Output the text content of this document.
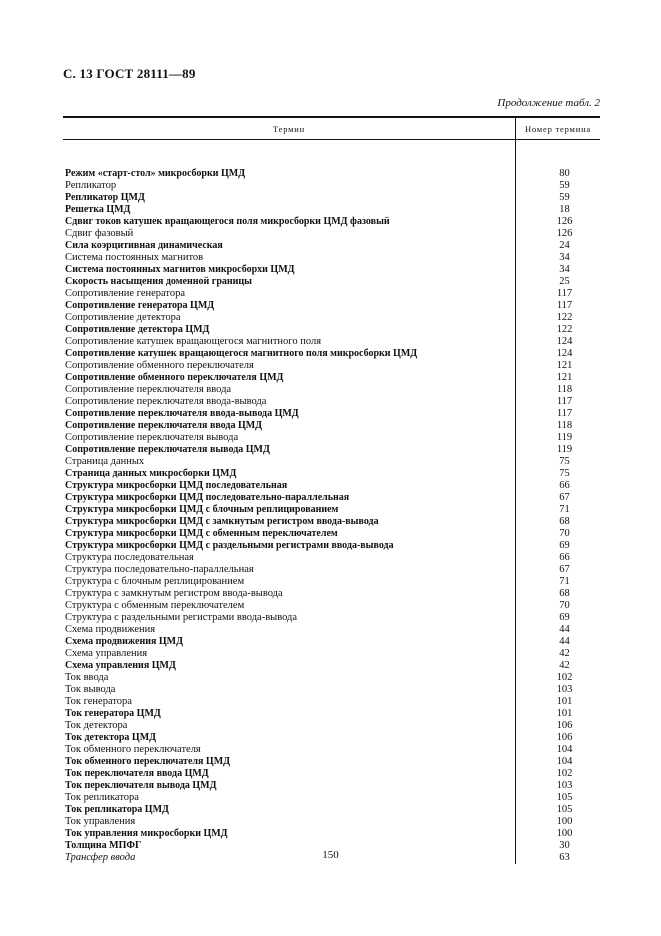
С. 13 ГОСТ 28111—89
Продолжение табл. 2
Термин	Номер термина
Режим «старт-стол» микросборки ЦМД	80
Репликатор	59
Репликатор ЦМД	59
Решетка ЦМД	18
Сдвиг токов катушек вращающегося поля микросборки ЦМД фазовый	126
Сдвиг фазовый	126
Сила коэрцитивная динамическая	24
Система постоянных магнитов	34
Система постоянных магнитов микросборхи ЦМД	34
Скорость насыщения доменной границы	25
Сопротивление генератора	117
Сопротивление генератора ЦМД	117
Сопротивление детектора	122
Сопротивление детектора ЦМД	122
Сопротивление катушек вращающегося магнитного поля	124
Сопротивление катушек вращающегося магнитного поля микросборки ЦМД	124
Сопротивление обменного переключателя	121
Сопротивление обменного переключателя ЦМД	121
Сопротивление переключателя ввода	118
Сопротивление переключателя ввода-вывода	117
Сопротивление переключателя ввода-вывода ЦМД	117
Сопротивление переключателя ввода ЦМД	118
Сопротивление переключателя вывода	119
Сопротивление переключателя вывода ЦМД	119
Страница данных	75
Страница данных микросборки ЦМД	75
Структура микросборки ЦМД последовательная	66
Структура микросборки ЦМД последовательно-параллельная	67
Структура микросборки ЦМД с блочным реплицированием	71
Структура микросборки ЦМД с замкнутым регистром ввода-вывода	68
Структура микросборки ЦМД с обменным переключателем	70
Структура микросборки ЦМД с раздельными регистрами ввода-вывода	69
Структура последовательная	66
Структура последовательно-параллельная	67
Структура с блочным реплицированием	71
Структура с замкнутым регистром ввода-вывода	68
Структура с обменным переключателем	70
Структура с раздельными регистрами ввода-вывода	69
Схема продвижения	44
Схема продвижения ЦМД	44
Схема управления	42
Схема управления ЦМД	42
Ток ввода	102
Ток вывода	103
Ток генератора	101
Ток генератора ЦМД	101
Ток детектора	106
Ток детектора ЦМД	106
Ток обменного переключателя	104
Ток обменного переключателя ЦМД	104
Ток переключателя ввода ЦМД	102
Ток переключателя вывода ЦМД	103
Ток репликатора	105
Ток репликатора ЦМД	105
Ток управления	100
Ток управления микросборки ЦМД	100
Толщина МПФГ	30
Трансфер ввода	63
150
